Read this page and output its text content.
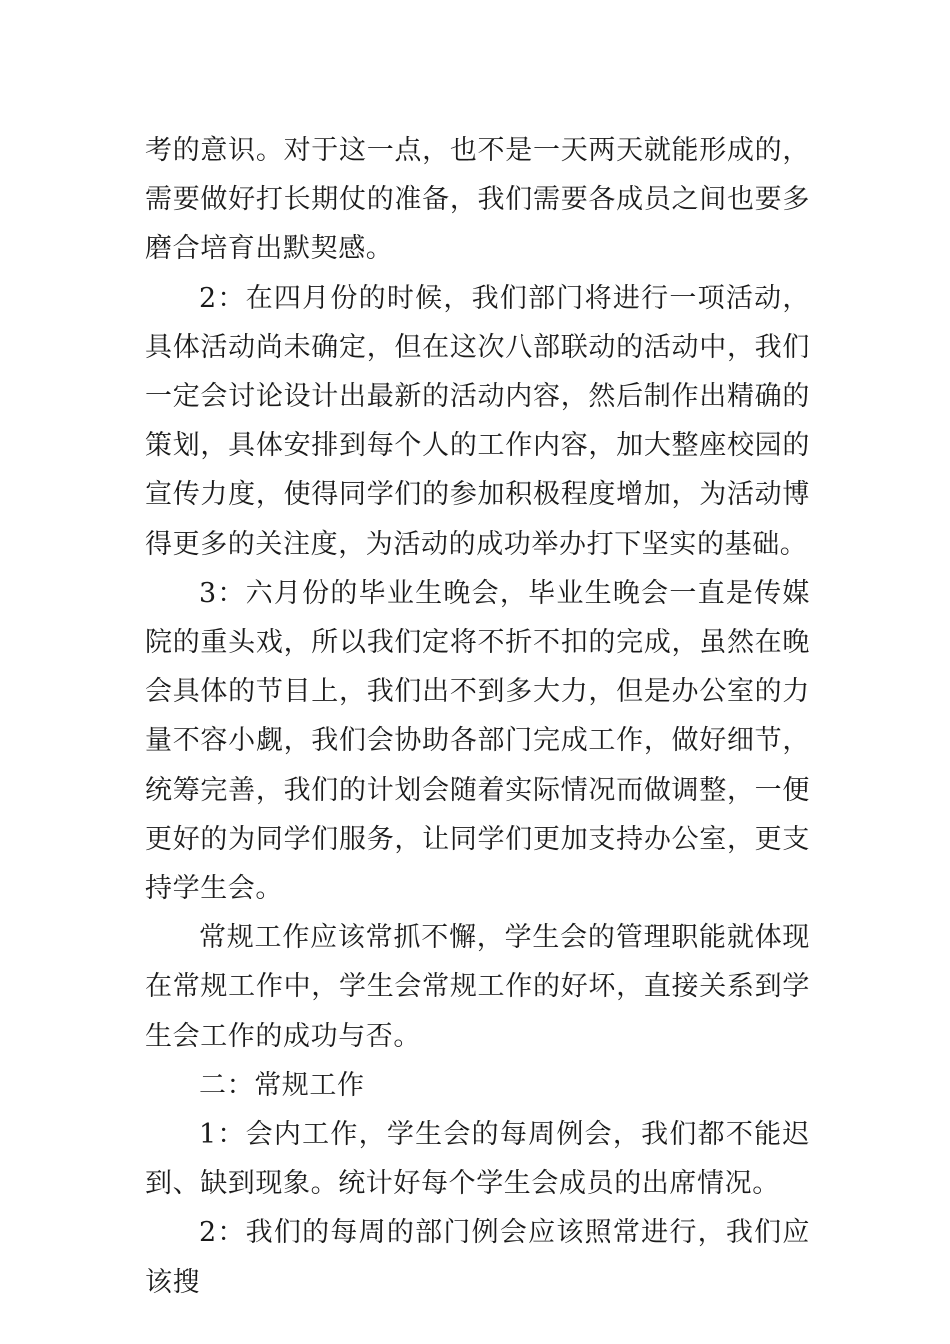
考的意识。对于这一点，也不是一天两天就能形成的，需要做好打长期仗的准备，我们需要各成员之间也要多磨合培育出默契感。

2：在四月份的时候，我们部门将进行一项活动，具体活动尚未确定，但在这次八部联动的活动中，我们一定会讨论设计出最新的活动内容，然后制作出精确的策划，具体安排到每个人的工作内容，加大整座校园的宣传力度，使得同学们的参加积极程度增加，为活动博得更多的关注度，为活动的成功举办打下坚实的基础。

3：六月份的毕业生晚会，毕业生晚会一直是传媒院的重头戏，所以我们定将不折不扣的完成，虽然在晚会具体的节目上，我们出不到多大力，但是办公室的力量不容小觑，我们会协助各部门完成工作，做好细节，统筹完善，我们的计划会随着实际情况而做调整，一便更好的为同学们服务，让同学们更加支持办公室，更支持学生会。

常规工作应该常抓不懈，学生会的管理职能就体现在常规工作中，学生会常规工作的好坏，直接关系到学生会工作的成功与否。

二：常规工作

1：会内工作，学生会的每周例会，我们都不能迟到、缺到现象。统计好每个学生会成员的出席情况。

2：我们的每周的部门例会应该照常进行，我们应该搜
